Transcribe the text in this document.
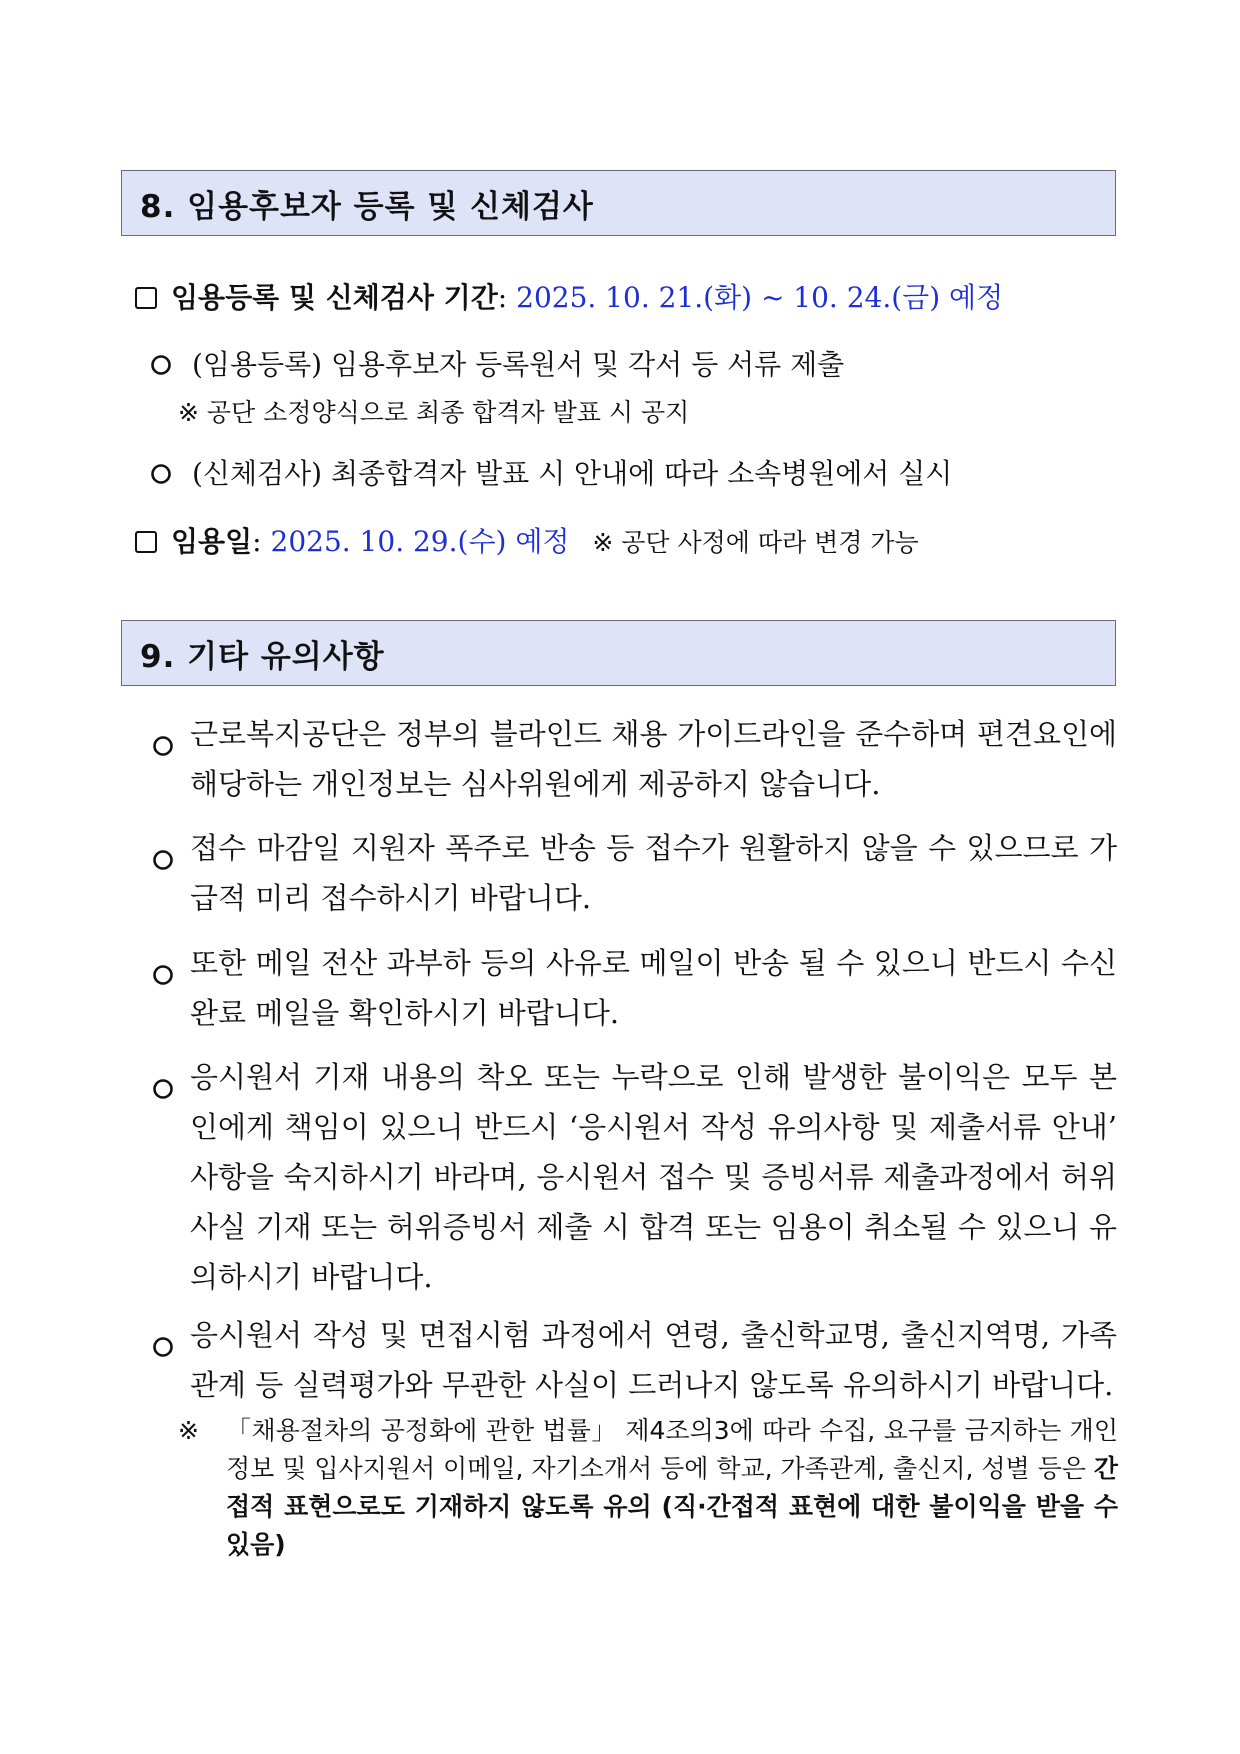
8. 임용후보자 등록 및 신체검사
임용등록 및 신체검사 기간: 2025. 10. 21.(화) ~ 10. 24.(금) 예정
(임용등록) 임용후보자 등록원서 및 각서 등 서류 제출
※ 공단 소정양식으로 최종 합격자 발표 시 공지
(신체검사) 최종합격자 발표 시 안내에 따라 소속병원에서 실시
임용일: 2025. 10. 29.(수) 예정 ※ 공단 사정에 따라 변경 가능
9. 기타 유의사항
근로복지공단은 정부의 블라인드 채용 가이드라인을 준수하며 편견요인에 해당하는 개인정보는 심사위원에게 제공하지 않습니다.
접수 마감일 지원자 폭주로 반송 등 접수가 원활하지 않을 수 있으므로 가급적 미리 접수하시기 바랍니다.
또한 메일 전산 과부하 등의 사유로 메일이 반송 될 수 있으니 반드시 수신 완료 메일을 확인하시기 바랍니다.
응시원서 기재 내용의 착오 또는 누락으로 인해 발생한 불이익은 모두 본인에게 책임이 있으니 반드시 ‘응시원서 작성 유의사항 및 제출서류 안내’ 사항을 숙지하시기 바라며, 응시원서 접수 및 증빙서류 제출과정에서 허위사실 기재 또는 허위증빙서 제출 시 합격 또는 임용이 취소될 수 있으니 유의하시기 바랍니다.
응시원서 작성 및 면접시험 과정에서 연령, 출신학교명, 출신지역명, 가족관계 등 실력평가와 무관한 사실이 드러나지 않도록 유의하시기 바랍니다.
※ 「채용절차의 공정화에 관한 법률」 제4조의3에 따라 수집, 요구를 금지하는 개인정보 및 입사지원서 이메일, 자기소개서 등에 학교, 가족관계, 출신지, 성별 등은 간접적 표현으로도 기재하지 않도록 유의 (직·간접적 표현에 대한 불이익을 받을 수 있음)
